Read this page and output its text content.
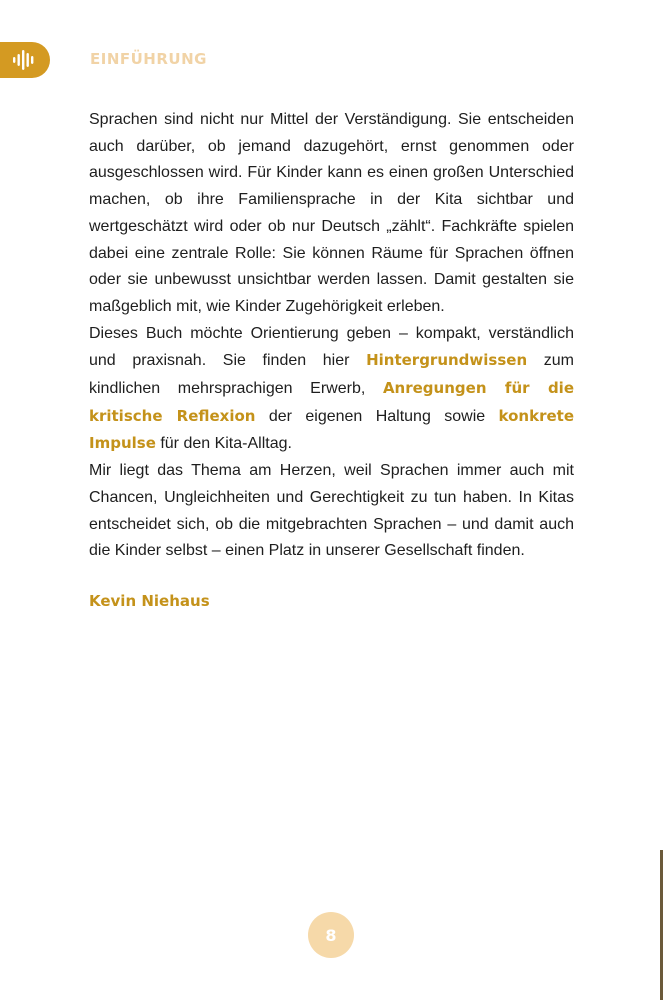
EINFÜHRUNG

Sprachen sind nicht nur Mittel der Verständigung. Sie entscheiden auch darüber, ob jemand dazugehört, ernst genommen oder ausgeschlossen wird. Für Kinder kann es einen großen Unterschied machen, ob ihre Familiensprache in der Kita sichtbar und wertgeschätzt wird oder ob nur Deutsch „zählt“. Fachkräfte spielen dabei eine zentrale Rolle: Sie können Räume für Sprachen öffnen oder sie unbewusst unsichtbar werden lassen. Damit gestalten sie maßgeblich mit, wie Kinder Zugehörigkeit erleben.

Dieses Buch möchte Orientierung geben – kompakt, verständlich und praxisnah. Sie finden hier Hintergrundwissen zum kindlichen mehrsprachigen Erwerb, Anregungen für die kritische Reflexion der eigenen Haltung sowie konkrete Impulse für den Kita-Alltag.

Mir liegt das Thema am Herzen, weil Sprachen immer auch mit Chancen, Ungleichheiten und Gerechtigkeit zu tun haben. In Kitas entscheidet sich, ob die mitgebrachten Sprachen – und damit auch die Kinder selbst – einen Platz in unserer Gesellschaft finden.

Kevin Niehaus
8
